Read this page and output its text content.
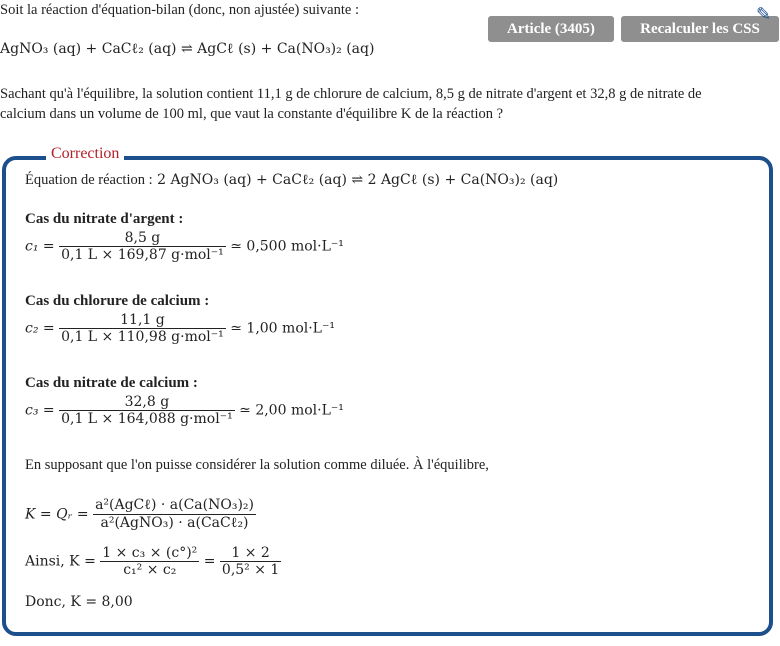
Soit la réaction d'équation-bilan (donc, non ajustée) suivante :
Article (3405)	Recalculer les CSS
✎
AgNO₃ (aq) + CaCℓ₂ (aq) ⇌ AgCℓ (s) + Ca(NO₃)₂ (aq)
Sachant qu'à l'équilibre, la solution contient 11,1 g de chlorure de calcium, 8,5 g de nitrate d'argent et 32,8 g de nitrate de
calcium dans un volume de 100 ml, que vaut la constante d'équilibre K de la réaction ?
Correction
Équation de réaction : 2 AgNO₃ (aq) + CaCℓ₂ (aq) ⇌ 2 AgCℓ (s) + Ca(NO₃)₂ (aq)
Cas du nitrate d'argent :
$c_1 = \frac{8,5 g}{\text{0,1 L × 169,87 g·mol⁻¹}}$ ≃ 0,500 mol·L⁻¹
Cas du chlorure de calcium :
$c_2 = \frac{11,1 g}{\text{0,1 L × 110,98 g·mol⁻¹}}$ ≃ 1,00 mol·L⁻¹
Cas du nitrate de calcium :
$c_3 = \frac{32,8 g}{\text{0,1 L × 164,088 g·mol⁻¹}}$ ≃ 2,00 mol·L⁻¹
En supposant que l'on puisse considérer la solution comme diluée. À l'équilibre,
K = Qᵣ = $\frac{\text{a²(AgCℓ) · a(Ca(NO₃)₂)}}{\text{a²(AgNO₃) · a(CaCℓ₂)}}$
Ainsi, $K = \frac{\text{1 × c₃ × (c°)²}}{\text{c₁² × c₂}} = \frac{1 \times 2}{\text{0,5² × 1}}$
Donc, K = 8,00
